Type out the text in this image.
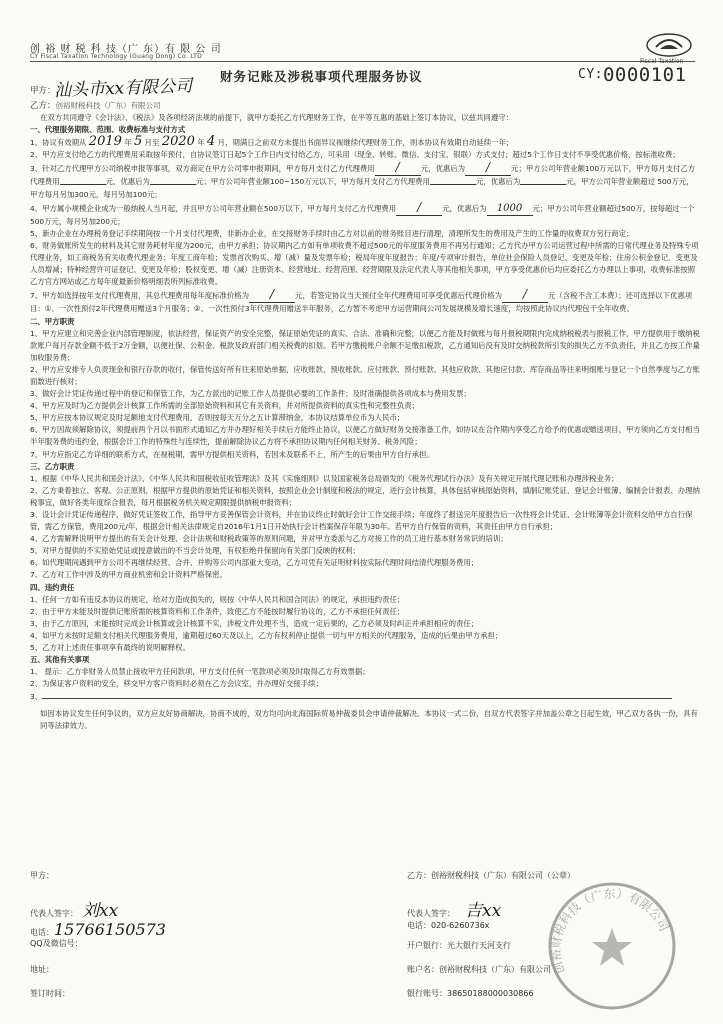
创 裕 财 税 科 技（广 东）有 限 公 司
CY Fiscal Taxation Technology (Guang Dong) Co. LTD	CY
Fiscal Taxation
财务记账及涉税事项代理服务协议	CY:0000101
甲方：
汕头市xx有限公司
乙方：创裕财税科技（广东）有限公司

在双方共同遵守《会计法》、《税法》及各项经济法规的前提下，就甲方委托乙方代理财务工作，在平等互惠的基础上签订本协议，以兹共同遵守：

一、代理服务期限、范围、收费标准与支付方式

1、协议有效期从 2019 年 5 月至 2020 年 4 月，期满日之前双方未提出书面异议视继续代理财务工作，则本协议有效期自动延续一年；

2、甲方应支付给乙方的代理费用采取按年预付，自协议签订日起5个工作日内支付给乙方，可采用（现金、转账、微信、支付宝、银联）方式支付；超过5个工作日支付不享受优惠价格，按标准收费；

3、针对乙方代理甲方公司纳税申报等事项，双方商定在甲方公司零申报期间，甲方每月支付乙方代理费用 /	元，优惠后为 /	元；甲方公司年营业额100万元以下，甲方每月支付乙方代理费用	元，优惠后为	元；甲方公司年营业额100~150万元以下，甲方每月支付乙方代理费用	元，优惠后为	元，甲方公司年营业额超过 500万元，甲方每月另加300元，每月另加100元；

4、甲方属小规模企业成为一般纳税人当月起，并且甲方公司年营业额在500万以下，甲方每月支付乙方代理费用 /	元，优惠后为 1000 元；甲方公司年营业额超过500万，按每超过一个500万元，每月另加200元；

5、新办企业在办理税务登记手续期间按一个月支付代理费，非新办企业，在交接财务手续时由乙方对以前的财务账目进行清理，清理所发生的费用及产生的工作量的收费双方另行商定；

6、财务做账所发生的材料及其它财务耗材年度为200元，由甲方承担；协议期内乙方如有单项收费不超过500元的年度服务费用不再另行通知；乙方代办甲方公司运营过程中所需的日常代理业务及特殊专项代理业务，如工商税务有关收费代理业务：年度工商年检；发票首次购买、增（减）量及发票年检；税局年度年度报告；年度/专项审计报告，单位社会保险人员登记、变更及年检；住房公积金登记、变更及人员增减；特种经营许可证登记、变更及年检；股权变更、增（减）注册资本、经营地址、经营范围、经营期限及法定代表人等其他相关事项，甲方享受优惠价后均应委托乙方办理以上事项，收费标准按照乙方官方网站或乙方每年度最新价格明细表所列标准收费。

7、甲方如选择按年支付代理费用，其总代理费用每年度标准价格为 /	元，若签定协议当天预付全年代理费用可享受优惠后代理价格为 /	元（含税不含工本费）；还可选择以下优惠项目：①、一次性预付2年代理费用赠送3个月服务；②、一次性预付3年代理费用赠送半年服务，乙方暂不考虑甲方运营期间公司发展规模及增长速度，均按照此协议内代理包干全年收费。

二、甲方职责

1、甲方应建立和完善企业内部管理制度，依法经营，保证资产的安全完整，保证原始凭证的真实、合法、准确和完整，以便乙方能及时做账与每月报税期限内完成纳税税表与报税工作，甲方提供用于缴纳税款账户每月存款金额不低于2万金额，以便社保、公积金、税款及政府部门相关税费的扣划。若甲方缴税账户余额不足缴扣税款，乙方通知后没有及时交纳税款所引发的损失乙方不负责任，并且乙方按工作量加收服务费；

2、甲方应安排专人负责现金和银行存款的收付，保管传送好所有往来原始单据，应收账款、预收账款、应付账款、预付账款、其他应收款、其他应付款、库存商品等往来明细账与登记一个自然季度与乙方账面数进行核对；

3、做好会计凭证传递过程中的登记和保管工作，为乙方派出的记账工作人员提供必要的工作条件；及时准确提供各项成本与费用发票；

4、甲方应及时为乙方提供会计核算工作所需的全部原始资料和其它有关资料，并对所提供资料的真实性和完整性负责；

5、甲方应按本协议规定及时足额地支付代理费用，否则按每天万分之五计算滞纳金，本协议结算单位币为人民币；

6、甲方因故须解除协议，须提前两个月以书面形式通知乙方并办理好相关手续后方能终止协议，以便乙方做好财务交接准备工作，如协议在合作期内享受乙方给予的优惠或赠送项目，甲方须向乙方支付相当半年服务费的违约金，根据会计工作的特殊性与连续性，提前解除协议乙方将不承担协议期内任何相关财务、税务风险；

7、甲方应指定乙方详细的联系方式，在视税期，需甲方提供相关资料，若因未及联系不上，所产生的后果由甲方自行承担。

三、乙方职责

1、根据《中华人民共和国会计法》、《中华人民共和国税收征收管理法》及其《实施细则》以及国家税务总局颁发的《税务代理试行办法》及有关规定开展代理记账和办理涉税业务；

2、乙方秉着独立、客观、公正原则，根据甲方提供的原始凭证和相关资料，按照企业会计制度和税法的规定，进行会计核算，具体包括审核原始资料，填制记账凭证、登记会计账簿、编制会计报表、办理纳税事宜，做好各类年度综合报表，每月根据税务机关规定期限提供纳税申报资料；

3、设计会计凭证传递程序，做好凭证签收工作，指导甲方妥善保管会计资料，并在协议终止时做好会计工作交接手续；年度终了报送完年度报告后一次性将会计凭证、会计账簿等会计资料交给甲方自行保管，需乙方保管，费用200元/年，根据会计相关法律规定自2016年1月1日开始执行会计档案保存年限为30年。若甲方自行保管的资料，其责任由甲方自行承担；

4、乙方需解释说明甲方提出的有关会计处理、会计法规和财税政策等的原则问题，并对甲方委派与乙方对接工作的员工进行基本财务常识的培训；

5、对甲方提供的不实原始凭证或授意做出的不当会计处理，有权拒绝并保留向有关部门反映的权利；

6、如代理期间遇到甲方公司不再继续经营、合并、并购等公司内部重大变动，乙方可凭有关证明材料按实际代理时间结清代理服务费用；

7、乙方对工作中涉及的甲方商业机密和会计资料严格保密。

四、违约责任

1、任何一方如有违反本协议的规定，给对方造成损失的，则按《中华人民共和国合同法》的规定，承担违约责任；

2、由于甲方未能及时提供记账所需的核算资料和工作条件，致使乙方不能按时履行协议的，乙方不承担任何责任；

3、由于乙方原因，未能按时完成会计核算或会计核算不实，涉税文件处理不当，造成一定后果的，乙方必须及时纠正并承担相应的责任；

4、如甲方未按时足额支付相关代理服务费用，逾期超过60天及以上，乙方有权利停止提供一切与甲方相关的代理服务，造成的后果由甲方承担；

5、乙方对上述责任事项享有最终的说明解释权。

五、其他有关事项

1、 提示：乙方非财务人员禁止接收甲方任何款项，甲方支付任何一笔款项必须及时取得乙方有效票据；

2、为保证客户资料的安全，移交甲方客户资料时必须在乙方会议室，并办理好交接手续；

3、

如因本协议发生任何争议的，双方应友好协商解决，协商不成的，双方均可向北海国际贸易仲裁委员会申请仲裁解决。本协议一式二份，自双方代表签字并加盖公章之日起生效，甲乙双方各执一份，具有同等法律效力。

甲方：
代表人签字： 刘xx
电话：15766150573
QQ及微信号：
地址：
签订时间：
乙方：创裕财税科技（广东）有限公司（公章）
代表人签字： 吉xx
电话：020-6260736x
开户银行：光大银行天河支行
账户名：创裕财税科技（广东）有限公司
银行账号：38650188000030866
创裕财税科技（广东）有限公司
